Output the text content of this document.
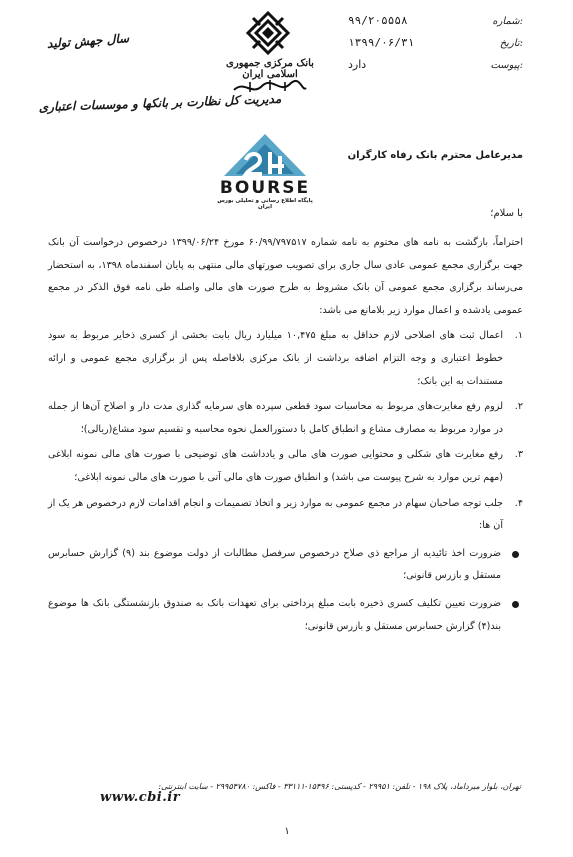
سال جهش تولید
بانک مرکزی جمهوری اسلامی ایران
۹۹/۲۰۵۵۵۸	شماره:
۱۳۹۹/۰۶/۳۱	تاریخ:
دارد	پیوست:
مدیریت کل نظارت بر بانکها و موسسات اعتباری
مدیرعامل محترم بانک رفاه کارگران
BOURSE
پایگاه اطلاع رسانی و تحلیلی بورس ایران
با سلام؛

احتراماً، بازگشت به نامه های مختوم به نامه شماره ۶۰/۹۹/۷۹۷۵۱۷ مورخ ۱۳۹۹/۰۶/۲۴ درخصوص درخواست آن بانک جهت برگزاری مجمع عمومی عادی سال جاری برای تصویب صورتهای مالی منتهی به پایان اسفندماه ۱۳۹۸، به استحضار می‌رساند برگزاری مجمع عمومی آن بانک مشروط به طرح صورت های مالی واصله طی نامه فوق الذکر در مجمع عمومی یادشده و اعمال موارد زیر بلامانع می باشد:

۱.
اعمال ثبت های اصلاحی لازم حداقل به مبلغ ۱۰,۴۷۵ میلیارد ریال بابت بخشی از کسری ذخایر مربوط به سود خطوط اعتباری و وجه التزام اضافه برداشت از بانک مرکزی بلافاصله پس از برگزاری مجمع عمومی و ارائه مستندات به این بانک؛

۲.
لزوم رفع مغایرت‌های مربوط به محاسبات سود قطعی سپرده های سرمایه گذاری مدت دار و اصلاح آن‌ها از جمله در موارد مربوط به مصارف مشاع و انطباق کامل با دستورالعمل نحوه محاسبه و تقسیم سود مشاع(ریالی)؛

۳.
رفع مغایرت های شکلی و محتوایی صورت های مالی و یادداشت های توضیحی با صورت های مالی نمونه ابلاغی (مهم ترین موارد به شرح پیوست می باشد) و انطباق صورت های مالی آتی با صورت های مالی نمونه ابلاغی؛

۴.
جلب توجه صاحبان سهام در مجمع عمومی به موارد زیر و اتخاذ تصمیمات و انجام اقدامات لازم درخصوص هر یک از آن ها:

ضرورت اخذ تائیدیه از مراجع ذی صلاح درخصوص سرفصل مطالبات از دولت موضوع بند (۹) گزارش حسابرس مستقل و بازرس قانونی؛

ضرورت تعیین تکلیف کسری ذخیره بابت مبلغ پرداختی برای تعهدات بانک به صندوق بازنشستگی بانک ها موضوع بند(۴) گزارش حسابرس مستقل و بازرس قانونی؛

تهران، بلوار میرداماد، پلاک ۱۹۸ - تلفن: ۲۹۹۵۱ - کدپستی: ۱۵۴۹۶-۳۳۱۱۱ - فاکس: ۲۹۹۵۴۷۸۰ - سایت اینترنتی:
www.cbi.ir
۱
